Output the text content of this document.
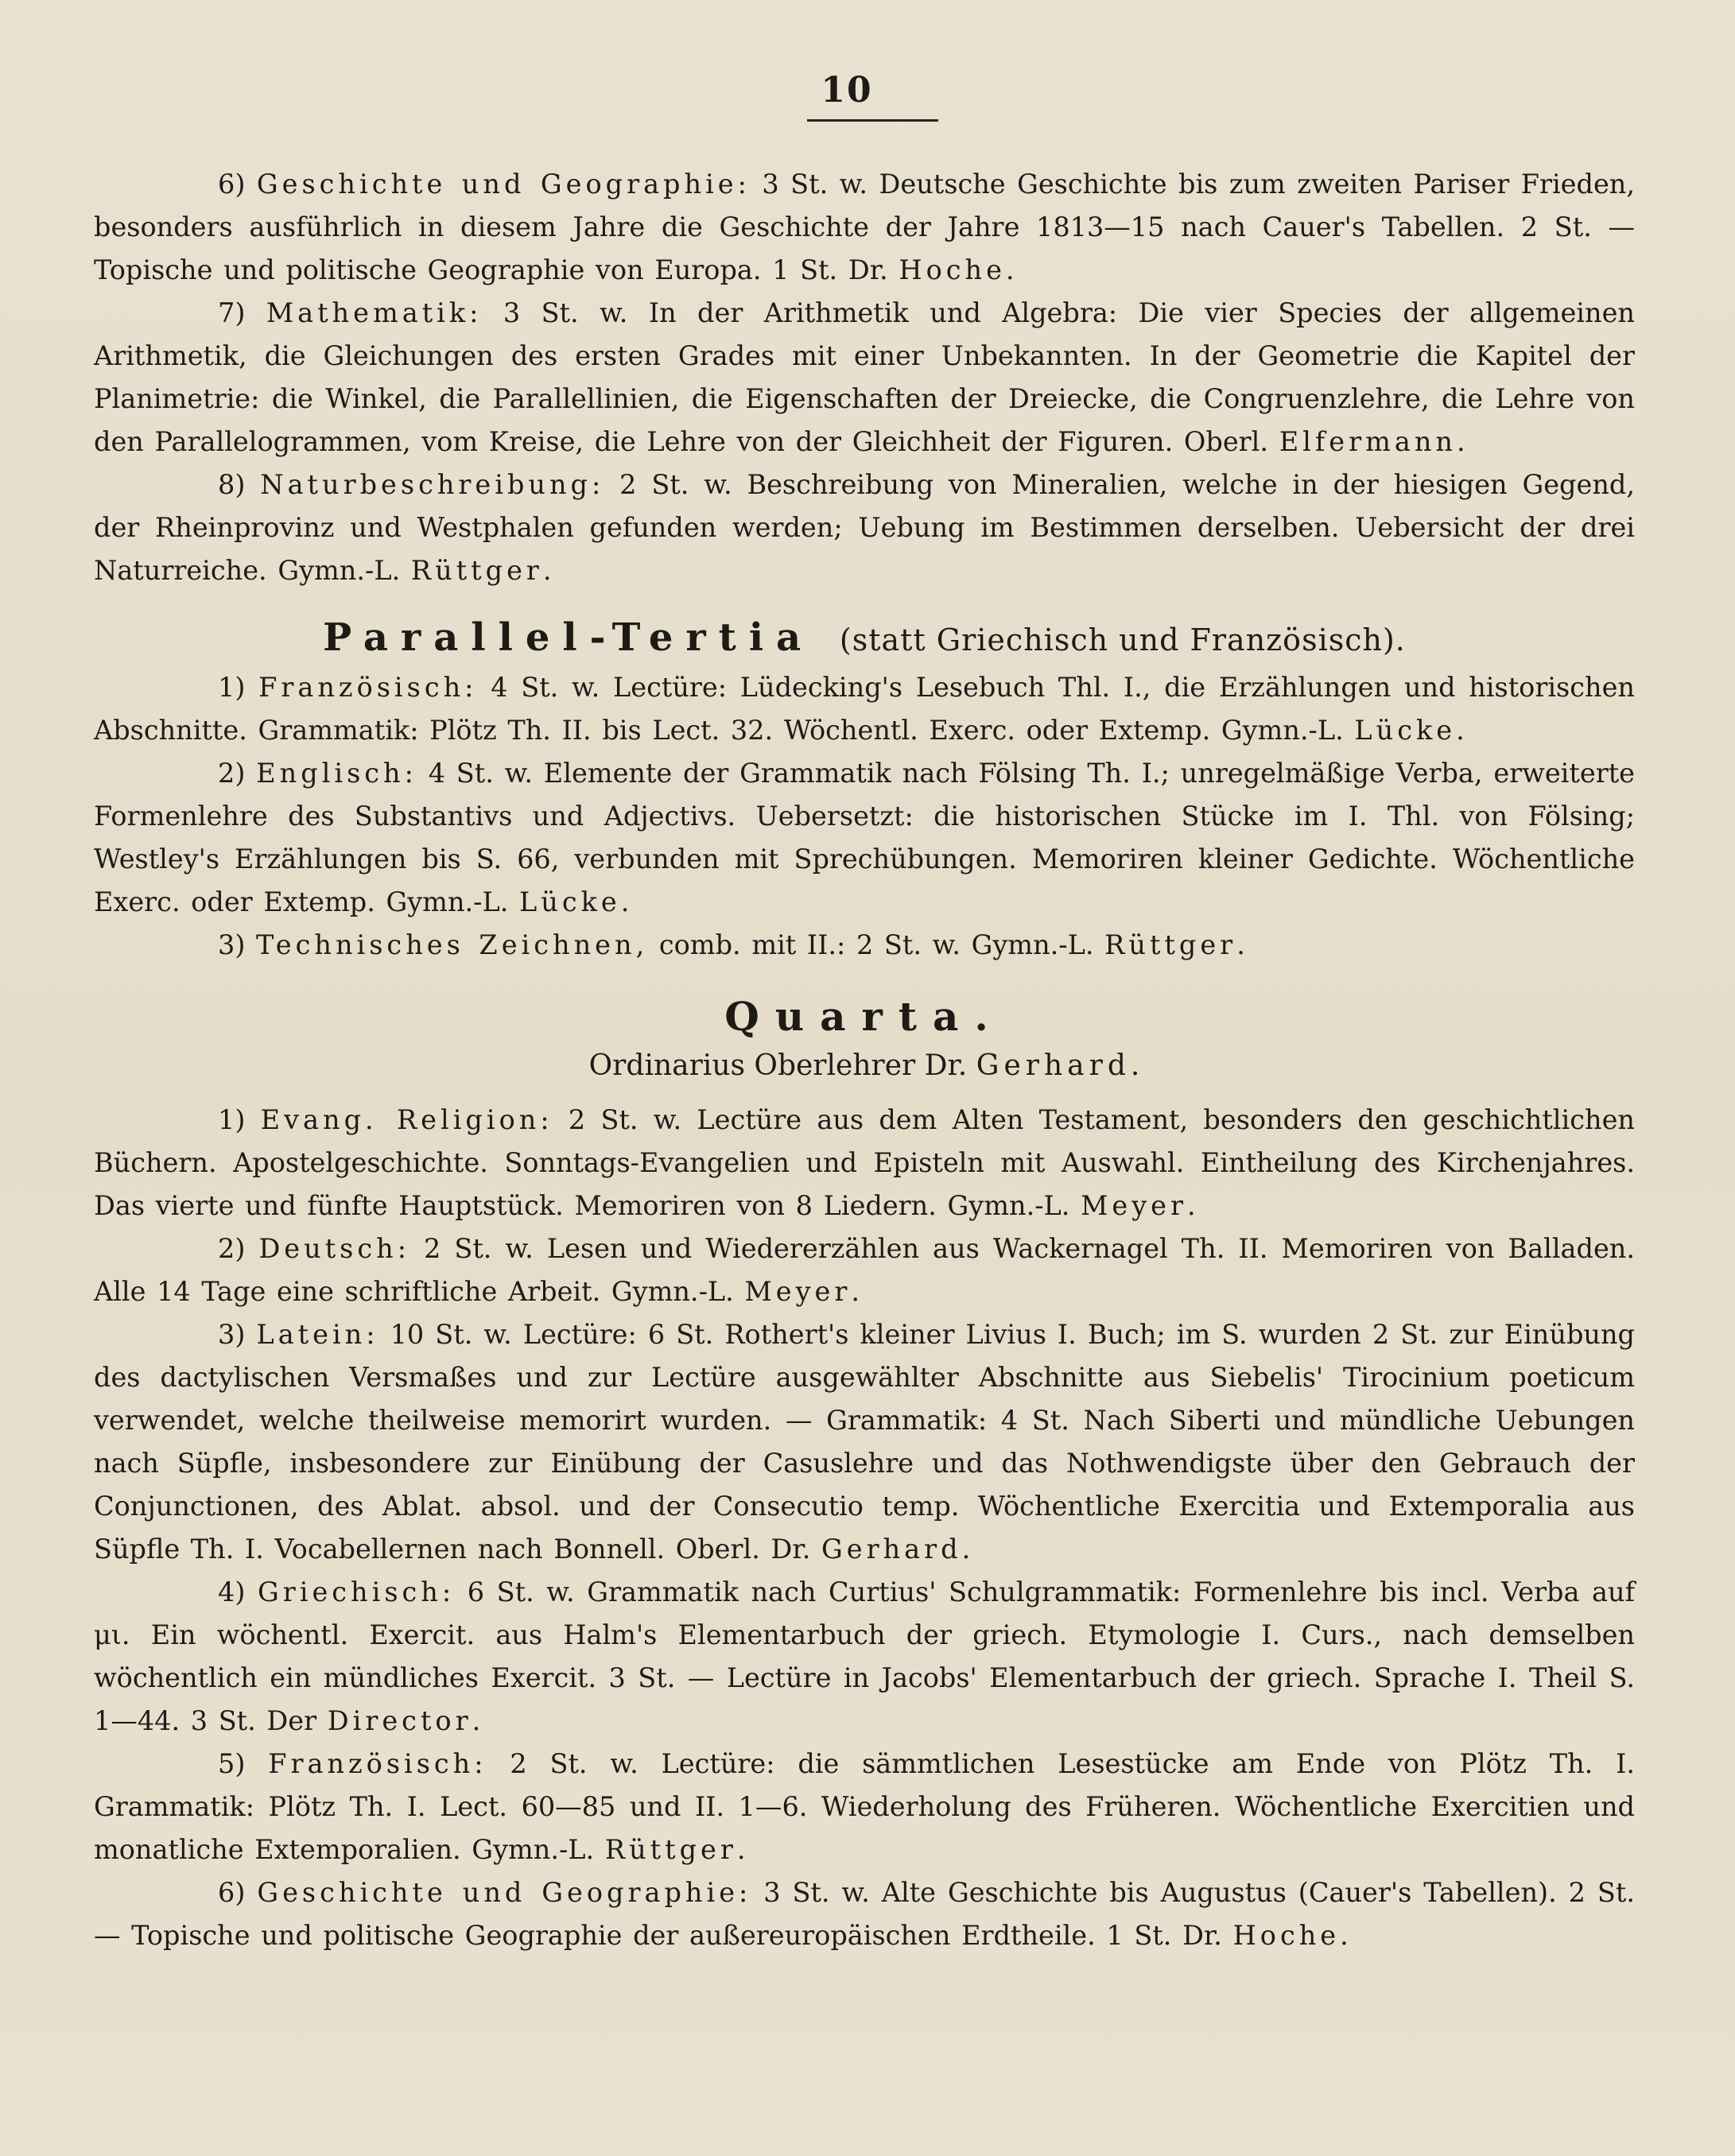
10

6) Geschichte und Geographie: 3 St. w. Deutsche Geschichte bis zum zweiten Pariser Frieden, besonders ausführlich in diesem Jahre die Geschichte der Jahre 1813—15 nach Cauer's Tabellen. 2 St. — Topische und politische Geographie von Europa. 1 St. Dr. Hoche.

7) Mathematik: 3 St. w. In der Arithmetik und Algebra: Die vier Species der allgemeinen Arithmetik, die Gleichungen des ersten Grades mit einer Unbekannten. In der Geometrie die Kapitel der Planimetrie: die Winkel, die Parallellinien, die Eigenschaften der Dreiecke, die Congruenzlehre, die Lehre von den Parallelogrammen, vom Kreise, die Lehre von der Gleichheit der Figuren. Oberl. Elfermann.

8) Naturbeschreibung: 2 St. w. Beschreibung von Mineralien, welche in der hiesigen Gegend, der Rheinprovinz und Westphalen gefunden werden; Uebung im Bestimmen derselben. Uebersicht der drei Naturreiche. Gymn.-L. Rüttger.

Parallel-Tertia (statt Griechisch und Französisch).

1) Französisch: 4 St. w. Lectüre: Lüdecking's Lesebuch Thl. I., die Erzählungen und historischen Abschnitte. Grammatik: Plötz Th. II. bis Lect. 32. Wöchentl. Exerc. oder Extemp. Gymn.-L. Lücke.

2) Englisch: 4 St. w. Elemente der Grammatik nach Fölsing Th. I.; unregelmäßige Verba, erweiterte Formenlehre des Substantivs und Adjectivs. Uebersetzt: die historischen Stücke im I. Thl. von Fölsing; Westley's Erzählungen bis S. 66, verbunden mit Sprechübungen. Memoriren kleiner Gedichte. Wöchentliche Exerc. oder Extemp. Gymn.-L. Lücke.

3) Technisches Zeichnen, comb. mit II.: 2 St. w. Gymn.-L. Rüttger.

Quarta.

Ordinarius Oberlehrer Dr. Gerhard.

1) Evang. Religion: 2 St. w. Lectüre aus dem Alten Testament, besonders den geschichtlichen Büchern. Apostelgeschichte. Sonntags-Evangelien und Episteln mit Auswahl. Eintheilung des Kirchenjahres. Das vierte und fünfte Hauptstück. Memoriren von 8 Liedern. Gymn.-L. Meyer.

2) Deutsch: 2 St. w. Lesen und Wiedererzählen aus Wackernagel Th. II. Memoriren von Balladen. Alle 14 Tage eine schriftliche Arbeit. Gymn.-L. Meyer.

3) Latein: 10 St. w. Lectüre: 6 St. Rothert's kleiner Livius I. Buch; im S. wurden 2 St. zur Einübung des dactylischen Versmaßes und zur Lectüre ausgewählter Abschnitte aus Siebelis' Tirocinium poeticum verwendet, welche theilweise memorirt wurden. — Grammatik: 4 St. Nach Siberti und mündliche Uebungen nach Süpfle, insbesondere zur Einübung der Casuslehre und das Nothwendigste über den Gebrauch der Conjunctionen, des Ablat. absol. und der Consecutio temp. Wöchentliche Exercitia und Extemporalia aus Süpfle Th. I. Vocabellernen nach Bonnell. Oberl. Dr. Gerhard.

4) Griechisch: 6 St. w. Grammatik nach Curtius' Schulgrammatik: Formenlehre bis incl. Verba auf μι. Ein wöchentl. Exercit. aus Halm's Elementarbuch der griech. Etymologie I. Curs., nach demselben wöchentlich ein mündliches Exercit. 3 St. — Lectüre in Jacobs' Elementarbuch der griech. Sprache I. Theil S. 1—44. 3 St. Der Director.

5) Französisch: 2 St. w. Lectüre: die sämmtlichen Lesestücke am Ende von Plötz Th. I. Grammatik: Plötz Th. I. Lect. 60—85 und II. 1—6. Wiederholung des Früheren. Wöchentliche Exercitien und monatliche Extemporalien. Gymn.-L. Rüttger.

6) Geschichte und Geographie: 3 St. w. Alte Geschichte bis Augustus (Cauer's Tabellen). 2 St. — Topische und politische Geographie der außereuropäischen Erdtheile. 1 St. Dr. Hoche.
